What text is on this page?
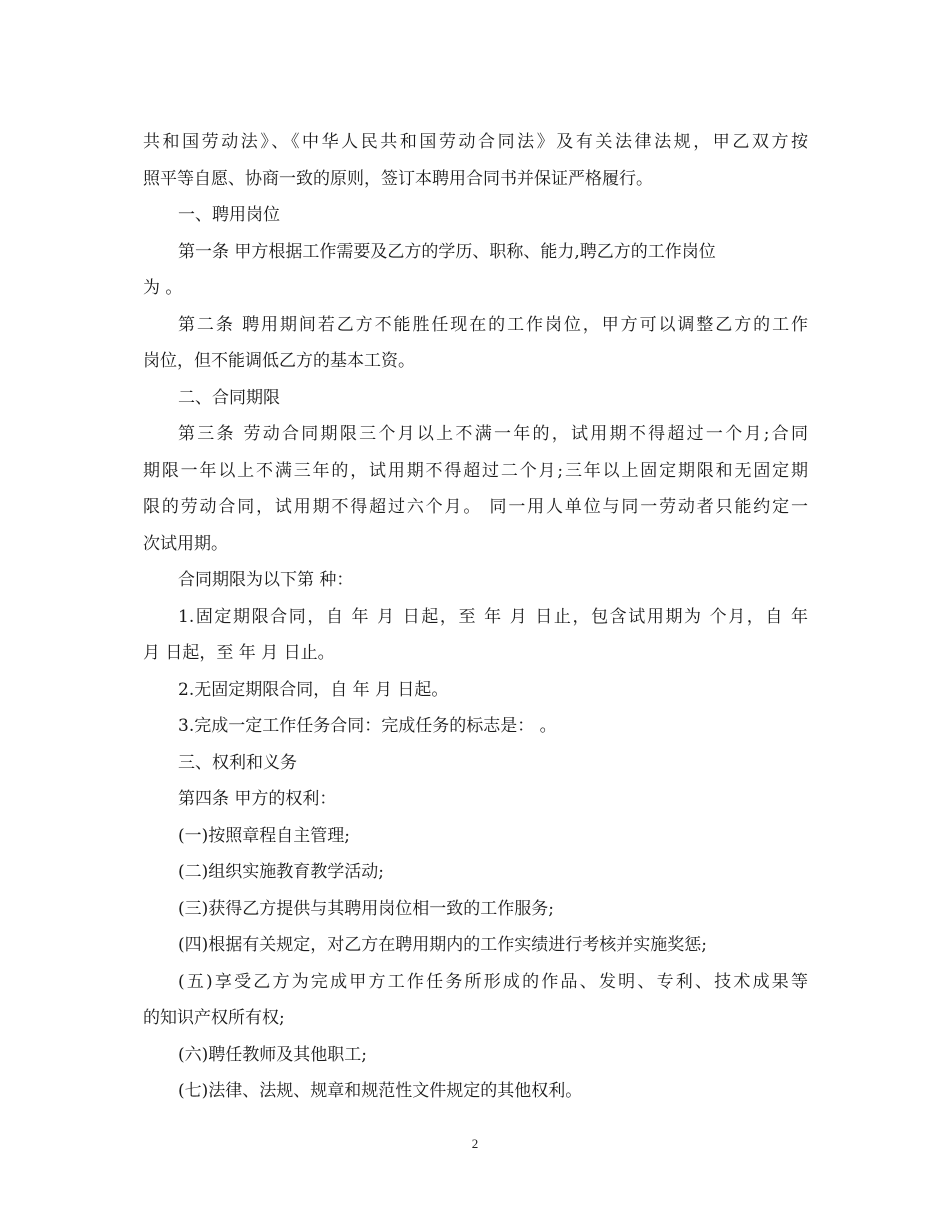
共和国劳动法》、《中华人民共和国劳动合同法》及有关法律法规，甲乙双方按

照平等自愿、协商一致的原则，签订本聘用合同书并保证严格履行。

一、聘用岗位

第一条 甲方根据工作需要及乙方的学历、职称、能力,聘乙方的工作岗位

为 。

第二条 聘用期间若乙方不能胜任现在的工作岗位，甲方可以调整乙方的工作

岗位，但不能调低乙方的基本工资。

二、合同期限

第三条 劳动合同期限三个月以上不满一年的，试用期不得超过一个月;合同

期限一年以上不满三年的，试用期不得超过二个月;三年以上固定期限和无固定期

限的劳动合同，试用期不得超过六个月。 同一用人单位与同一劳动者只能约定一

次试用期。

合同期限为以下第 种：

1.固定期限合同，自 年 月 日起，至 年 月 日止，包含试用期为 个月，自 年

月 日起，至 年 月 日止。

2.无固定期限合同，自 年 月 日起。

3.完成一定工作任务合同：完成任务的标志是： 。

三、权利和义务

第四条 甲方的权利：

(一)按照章程自主管理;

(二)组织实施教育教学活动;

(三)获得乙方提供与其聘用岗位相一致的工作服务;

(四)根据有关规定，对乙方在聘用期内的工作实绩进行考核并实施奖惩;

(五)享受乙方为完成甲方工作任务所形成的作品、发明、专利、技术成果等

的知识产权所有权;

(六)聘任教师及其他职工;

(七)法律、法规、规章和规范性文件规定的其他权利。

2
